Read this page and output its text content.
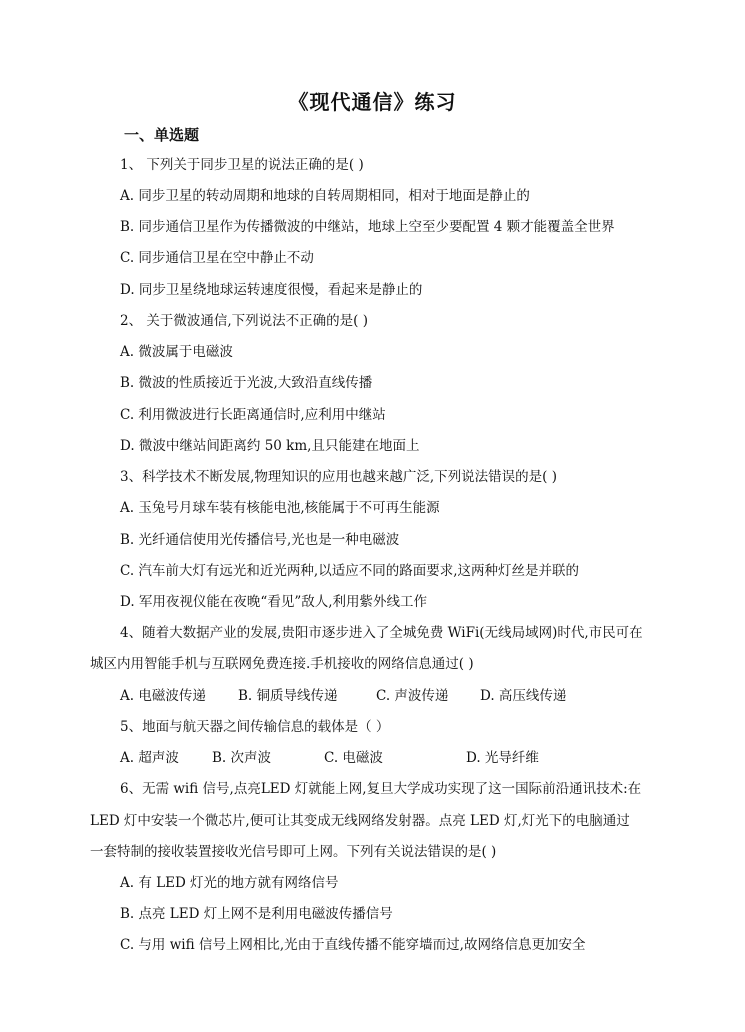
《现代通信》练习
一、单选题
1、 下列关于同步卫星的说法正确的是( )
A. 同步卫星的转动周期和地球的自转周期相同，相对于地面是静止的
B. 同步通信卫星作为传播微波的中继站，地球上空至少要配置 4 颗才能覆盖全世界
C. 同步通信卫星在空中静止不动
D. 同步卫星绕地球运转速度很慢，看起来是静止的
2、 关于微波通信,下列说法不正确的是( )
A. 微波属于电磁波
B. 微波的性质接近于光波,大致沿直线传播
C. 利用微波进行长距离通信时,应利用中继站
D. 微波中继站间距离约 50 km,且只能建在地面上
3、科学技术不断发展,物理知识的应用也越来越广泛,下列说法错误的是( )
A. 玉兔号月球车装有核能电池,核能属于不可再生能源
B. 光纤通信使用光传播信号,光也是一种电磁波
C. 汽车前大灯有远光和近光两种,以适应不同的路面要求,这两种灯丝是并联的
D. 军用夜视仪能在夜晚“看见”敌人,利用紫外线工作
4、随着大数据产业的发展,贵阳市逐步进入了全城免费 WiFi(无线局域网)时代,市民可在
城区内用智能手机与互联网免费连接.手机接收的网络信息通过( )
A. 电磁波传递 B. 铜质导线传递	C. 声波传递 D. 高压线传递
5、地面与航天器之间传输信息的载体是（ ）
A. 超声波 B. 次声波	C. 电磁波	D. 光导纤维
6、无需 wifi 信号,点亮LED 灯就能上网,复旦大学成功实现了这一国际前沿通讯技术:在
LED 灯中安装一个微芯片,便可让其变成无线网络发射器。点亮 LED 灯,灯光下的电脑通过
一套特制的接收装置接收光信号即可上网。下列有关说法错误的是( )
A. 有 LED 灯光的地方就有网络信号
B. 点亮 LED 灯上网不是利用电磁波传播信号
C. 与用 wifi 信号上网相比,光由于直线传播不能穿墙而过,故网络信息更加安全
